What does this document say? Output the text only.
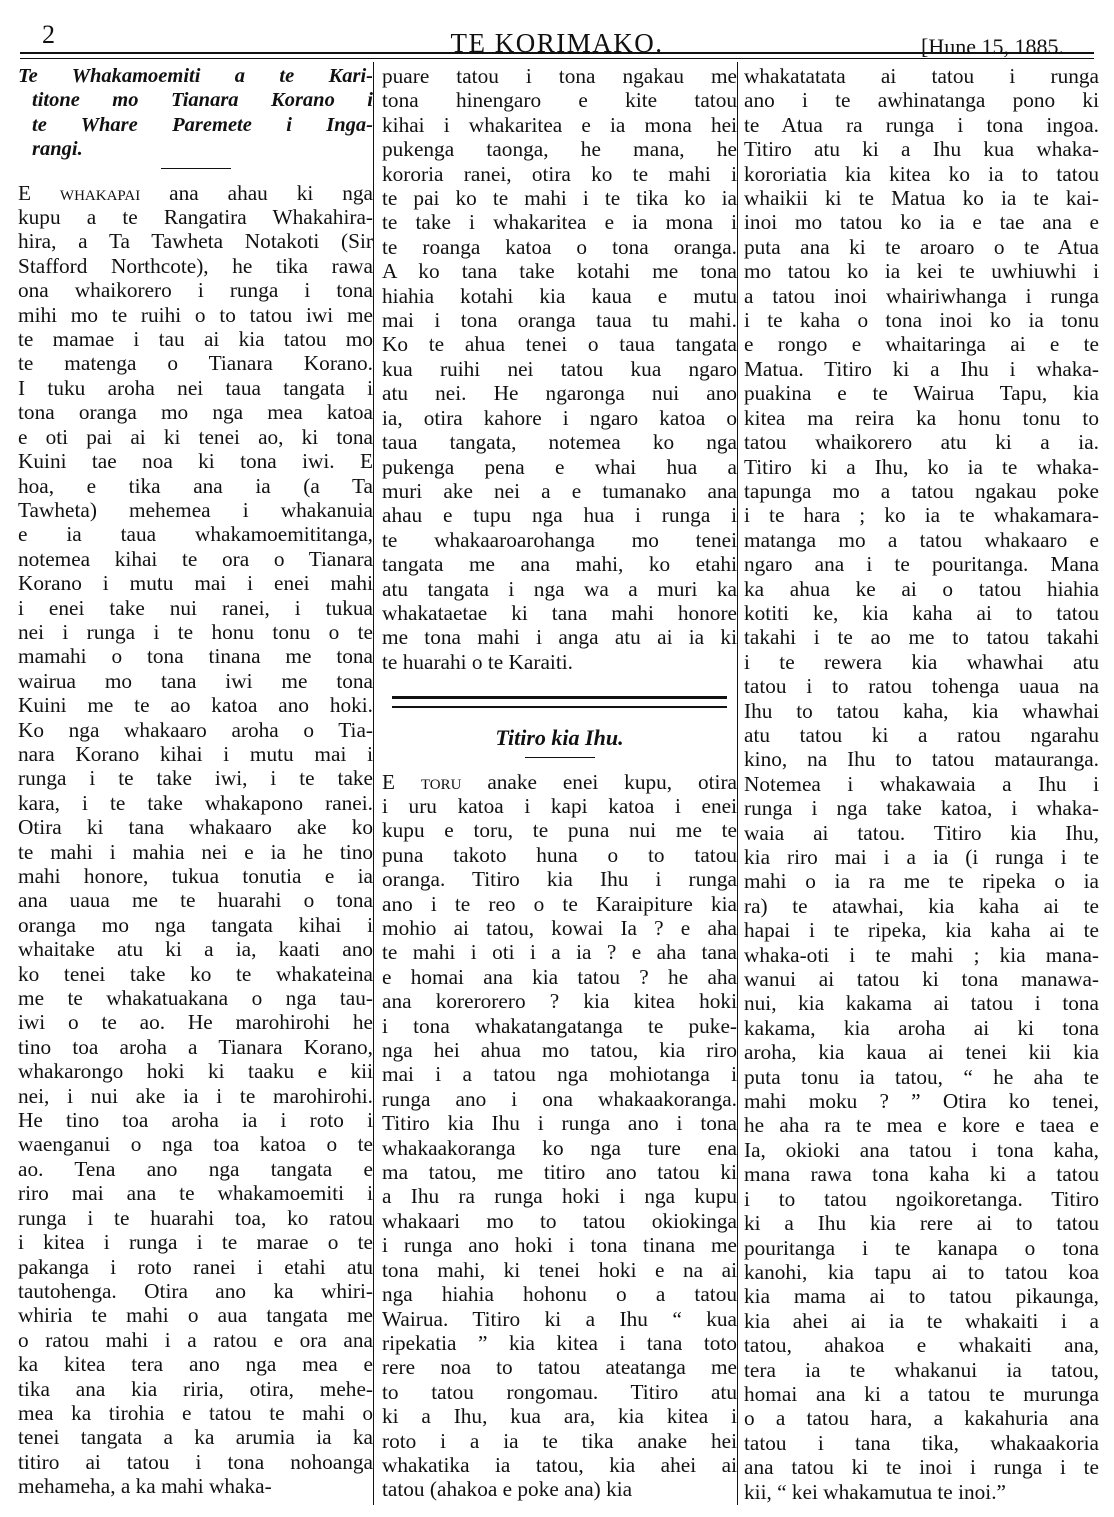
2	TE KORIMAKO.	[Hune 15, 1885.
Te Whakamoemiti a te Kari-
titone mo Tianara Korano i
te Whare Paremete i Inga-
rangi.
E whakapai ana ahau ki nga
kupu a te Rangatira Whakahira-
hira, a Ta Tawheta Notakoti (Sir
Stafford Northcote), he tika rawa
ona whaikorero i runga i tona
mihi mo te ruihi o to tatou iwi me
te mamae i tau ai kia tatou mo
te matenga o Tianara Korano.
I tuku aroha nei taua tangata i
tona oranga mo nga mea katoa
e oti pai ai ki tenei ao, ki tona
Kuini tae noa ki tona iwi. E
hoa, e tika ana ia (a Ta
Tawheta) mehemea i whakanuia
e ia taua whakamoemititanga,
notemea kihai te ora o Tianara
Korano i mutu mai i enei mahi
i enei take nui ranei, i tukua
nei i runga i te honu tonu o te
mamahi o tona tinana me tona
wairua mo tana iwi me tona
Kuini me te ao katoa ano hoki.
Ko nga whakaaro aroha o Tia-
nara Korano kihai i mutu mai i
runga i te take iwi, i te take
kara, i te take whakapono ranei.
Otira ki tana whakaaro ake ko
te mahi i mahia nei e ia he tino
mahi honore, tukua tonutia e ia
ana uaua me te huarahi o tona
oranga mo nga tangata kihai i
whaitake atu ki a ia, kaati ano
ko tenei take ko te whakateina
me te whakatuakana o nga tau-
iwi o te ao. He marohirohi he
tino toa aroha a Tianara Korano,
whakarongo hoki ki taaku e kii
nei, i nui ake ia i te marohirohi.
He tino toa aroha ia i roto i
waenganui o nga toa katoa o te
ao. Tena ano nga tangata e
riro mai ana te whakamoemiti i
runga i te huarahi toa, ko ratou
i kitea i runga i te marae o te
pakanga i roto ranei i etahi atu
tautohenga. Otira ano ka whiri-
whiria te mahi o aua tangata me
o ratou mahi i a ratou e ora ana
ka kitea tera ano nga mea e
tika ana kia riria, otira, mehe-
mea ka tirohia e tatou te mahi o
tenei tangata a ka arumia ia ka
titiro ai tatou i tona nohoanga
mehameha, a ka mahi whaka-
puare tatou i tona ngakau me
tona hinengaro e kite tatou
kihai i whakaritea e ia mona hei
pukenga taonga, he mana, he
kororia ranei, otira ko te mahi i
te pai ko te mahi i te tika ko ia
te take i whakaritea e ia mona i
te roanga katoa o tona oranga.
A ko tana take kotahi me tona
hiahia kotahi kia kaua e mutu
mai i tona oranga taua tu mahi.
Ko te ahua tenei o taua tangata
kua ruihi nei tatou kua ngaro
atu nei. He ngaronga nui ano
ia, otira kahore i ngaro katoa o
taua tangata, notemea ko nga
pukenga pena e whai hua a
muri ake nei a e tumanako ana
ahau e tupu nga hua i runga i
te whakaaroarohanga mo tenei
tangata me ana mahi, ko etahi
atu tangata i nga wa a muri ka
whakataetae ki tana mahi honore
me tona mahi i anga atu ai ia ki
te huarahi o te Karaiti.
Titiro kia Ihu.
E toru anake enei kupu, otira
i uru katoa i kapi katoa i enei
kupu e toru, te puna nui me te
puna takoto huna o to tatou
oranga. Titiro kia Ihu i runga
ano i te reo o te Karaipiture kia
mohio ai tatou, kowai Ia ? e aha
te mahi i oti i a ia ? e aha tana
e homai ana kia tatou ? he aha
ana korerorero ? kia kitea hoki
i tona whakatangatanga te puke-
nga hei ahua mo tatou, kia riro
mai i a tatou nga mohiotanga i
runga ano i ona whakaakoranga.
Titiro kia Ihu i runga ano i tona
whakaakoranga ko nga ture ena
ma tatou, me titiro ano tatou ki
a Ihu ra runga hoki i nga kupu
whakaari mo to tatou okiokinga
i runga ano hoki i tona tinana me
tona mahi, ki tenei hoki e na ai
nga hiahia hohonu o a tatou
Wairua. Titiro ki a Ihu “ kua
ripekatia ” kia kitea i tana toto
rere noa to tatou ateatanga me
to tatou rongomau. Titiro atu
ki a Ihu, kua ara, kia kitea i
roto i a ia te tika anake hei
whakatika ia tatou, kia ahei ai
tatou (ahakoa e poke ana) kia
whakatatata ai tatou i runga
ano i te awhinatanga pono ki
te Atua ra runga i tona ingoa.
Titiro atu ki a Ihu kua whaka-
kororiatia kia kitea ko ia to tatou
whaikii ki te Matua ko ia te kai-
inoi mo tatou ko ia e tae ana e
puta ana ki te aroaro o te Atua
mo tatou ko ia kei te uwhiuwhi i
a tatou inoi whairiwhanga i runga
i te kaha o tona inoi ko ia tonu
e rongo e whaitaringa ai e te
Matua. Titiro ki a Ihu i whaka-
puakina e te Wairua Tapu, kia
kitea ma reira ka honu tonu to
tatou whaikorero atu ki a ia.
Titiro ki a Ihu, ko ia te whaka-
tapunga mo a tatou ngakau poke
i te hara ; ko ia te whakamara-
matanga mo a tatou whakaaro e
ngaro ana i te pouritanga. Mana
ka ahua ke ai o tatou hiahia
kotiti ke, kia kaha ai to tatou
takahi i te ao me to tatou takahi
i te rewera kia whawhai atu
tatou i to ratou tohenga uaua na
Ihu to tatou kaha, kia whawhai
atu tatou ki a ratou ngarahu
kino, na Ihu to tatou matauranga.
Notemea i whakawaia a Ihu i
runga i nga take katoa, i whaka-
waia ai tatou. Titiro kia Ihu,
kia riro mai i a ia (i runga i te
mahi o ia ra me te ripeka o ia
ra) te atawhai, kia kaha ai te
hapai i te ripeka, kia kaha ai te
whaka-oti i te mahi ; kia mana-
wanui ai tatou ki tona manawa-
nui, kia kakama ai tatou i tona
kakama, kia aroha ai ki tona
aroha, kia kaua ai tenei kii kia
puta tonu ia tatou, “ he aha te
mahi moku ? ” Otira ko tenei,
he aha ra te mea e kore e taea e
Ia, okioki ana tatou i tona kaha,
mana rawa tona kaha ki a tatou
i to tatou ngoikoretanga. Titiro
ki a Ihu kia rere ai to tatou
pouritanga i te kanapa o tona
kanohi, kia tapu ai to tatou koa
kia mama ai to tatou pikaunga,
kia ahei ai ia te whakaiti i a
tatou, ahakoa e whakaiti ana,
tera ia te whakanui ia tatou,
homai ana ki a tatou te murunga
o a tatou hara, a kakahuria ana
tatou i tana tika, whakaakoria
ana tatou ki te inoi i runga i te
kii, “ kei whakamutua te inoi.”
